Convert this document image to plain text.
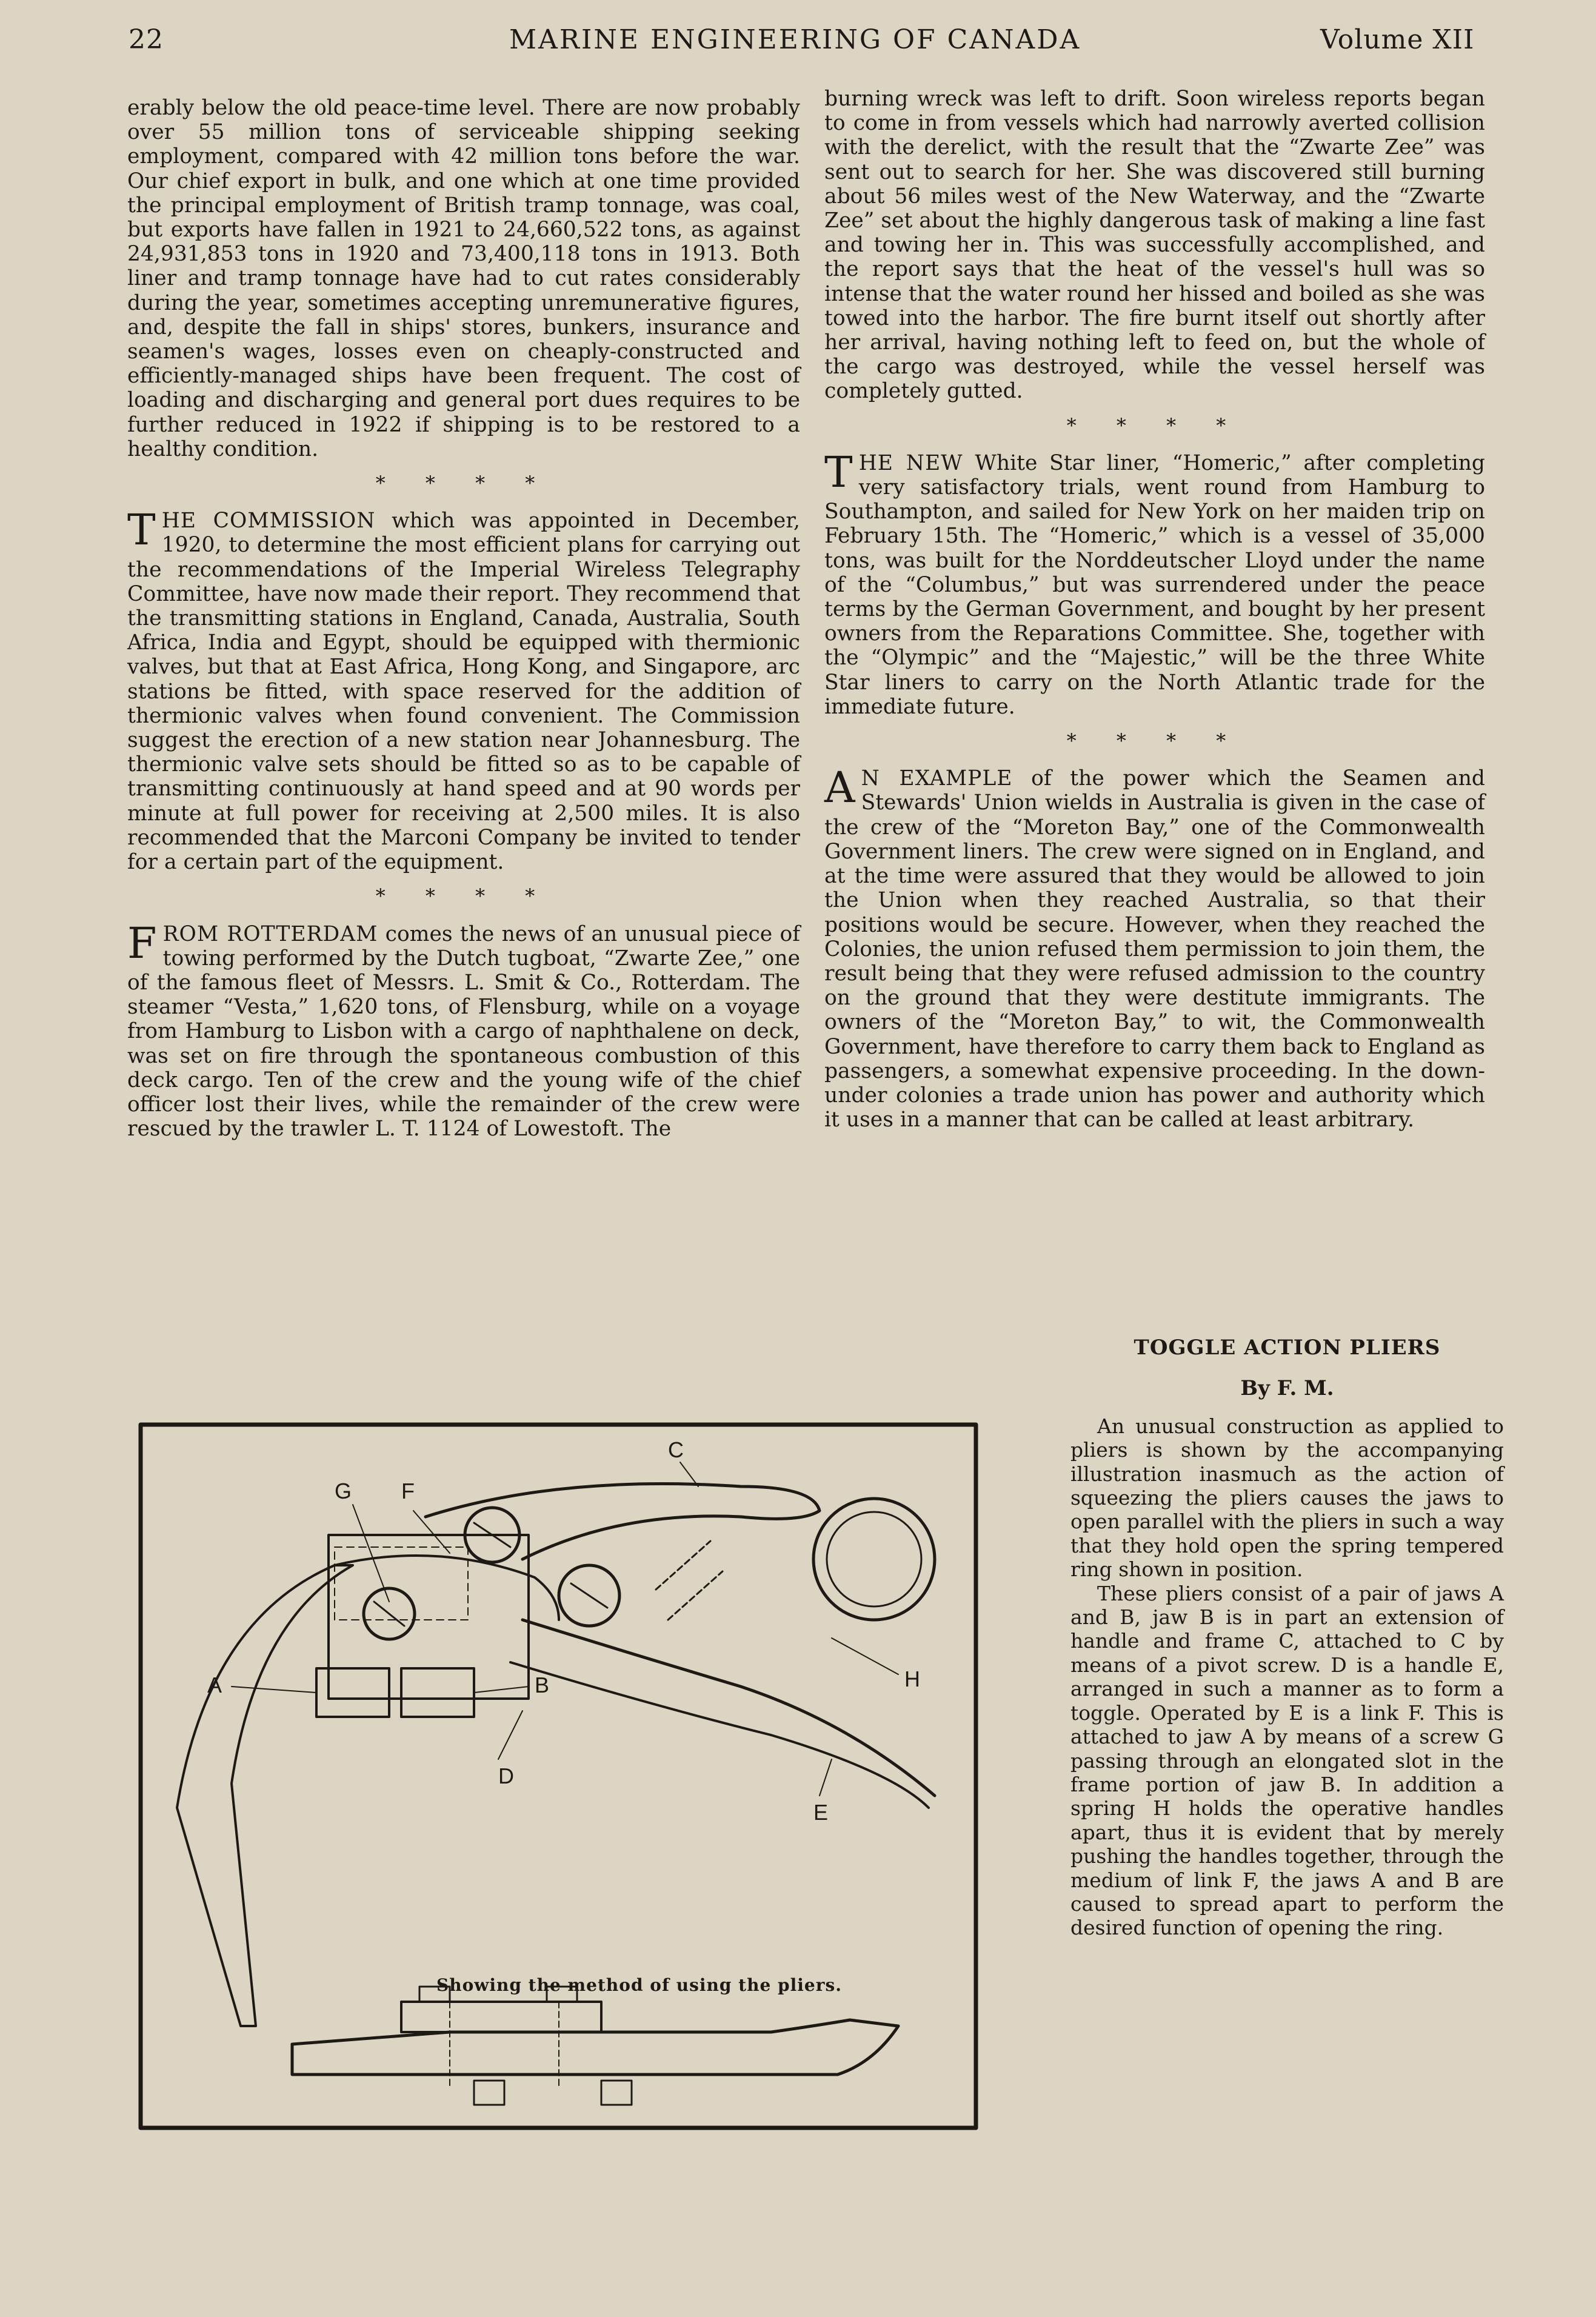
22	MARINE ENGINEERING OF CANADA	Volume XII

erably below the old peace-time level. There are now probably over 55 million tons of serviceable shipping seeking employment, compared with 42 million tons before the war. Our chief export in bulk, and one which at one time provided the principal employment of British tramp tonnage, was coal, but exports have fallen in 1921 to 24,660,522 tons, as against 24,931,853 tons in 1920 and 73,400,118 tons in 1913. Both liner and tramp tonnage have had to cut rates considerably during the year, sometimes accepting unremunerative figures, and, despite the fall in ships' stores, bunkers, insurance and seamen's wages, losses even on cheaply-constructed and efficiently-managed ships have been frequent. The cost of loading and discharging and general port dues requires to be further reduced in 1922 if shipping is to be restored to a healthy condition.

* * * *

THE COMMISSION which was appointed in December, 1920, to determine the most efficient plans for carrying out the recommendations of the Imperial Wireless Telegraphy Committee, have now made their report. They recommend that the transmitting stations in England, Canada, Australia, South Africa, India and Egypt, should be equipped with thermionic valves, but that at East Africa, Hong Kong, and Singapore, arc stations be fitted, with space reserved for the addition of thermionic valves when found convenient. The Commission suggest the erection of a new station near Johannesburg. The thermionic valve sets should be fitted so as to be capable of transmitting continuously at hand speed and at 90 words per minute at full power for receiving at 2,500 miles. It is also recommended that the Marconi Company be invited to tender for a certain part of the equipment.

* * * *

FROM ROTTERDAM comes the news of an unusual piece of towing performed by the Dutch tugboat, “Zwarte Zee,” one of the famous fleet of Messrs. L. Smit & Co., Rotterdam. The steamer “Vesta,” 1,620 tons, of Flensburg, while on a voyage from Hamburg to Lisbon with a cargo of naphthalene on deck, was set on fire through the spontaneous combustion of this deck cargo. Ten of the crew and the young wife of the chief officer lost their lives, while the remainder of the crew were rescued by the trawler L. T. 1124 of Lowestoft. The

burning wreck was left to drift. Soon wireless reports began to come in from vessels which had narrowly averted collision with the derelict, with the result that the “Zwarte Zee” was sent out to search for her. She was discovered still burning about 56 miles west of the New Waterway, and the “Zwarte Zee” set about the highly dangerous task of making a line fast and towing her in. This was successfully accomplished, and the report says that the heat of the vessel's hull was so intense that the water round her hissed and boiled as she was towed into the harbor. The fire burnt itself out shortly after her arrival, having nothing left to feed on, but the whole of the cargo was destroyed, while the vessel herself was completely gutted.

* * * *

THE NEW White Star liner, “Homeric,” after completing very satisfactory trials, went round from Hamburg to Southampton, and sailed for New York on her maiden trip on February 15th. The “Homeric,” which is a vessel of 35,000 tons, was built for the Norddeutscher Lloyd under the name of the “Columbus,” but was surrendered under the peace terms by the German Government, and bought by her present owners from the Reparations Committee. She, together with the “Olympic” and the “Majestic,” will be the three White Star liners to carry on the North Atlantic trade for the immediate future.

* * * *

A N EXAMPLE of the power which the Seamen and Stewards' Union wields in Australia is given in the case of the crew of the “Moreton Bay,” one of the Commonwealth Government liners. The crew were signed on in England, and at the time were assured that they would be allowed to join the Union when they reached Australia, so that their positions would be secure. However, when they reached the Colonies, the union refused them permission to join them, the result being that they were refused admission to the country on the ground that they were destitute immigrants. The owners of the “Moreton Bay,” to wit, the Commonwealth Government, have therefore to carry them back to England as passengers, a somewhat expensive proceeding. In the down-under colonies a trade union has power and authority which it uses in a manner that can be called at least arbitrary.

TOGGLE ACTION PLIERS
By F. M.

An unusual construction as applied to pliers is shown by the accompanying illustration inasmuch as the action of squeezing the pliers causes the jaws to open parallel with the pliers in such a way that they hold open the spring tempered ring shown in position.

These pliers consist of a pair of jaws A and B, jaw B is in part an extension of handle and frame C, attached to C by means of a pivot screw. D is a handle E, arranged in such a manner as to form a toggle. Operated by E is a link F. This is attached to jaw A by means of a screw G passing through an elongated slot in the frame portion of jaw B. In addition a spring H holds the operative handles apart, thus it is evident that by merely pushing the handles together, through the medium of link F, the jaws A and B are caused to spread apart to perform the desired function of opening the ring.

G F
C
H
D
E
A	B
Showing the method of using the pliers.
